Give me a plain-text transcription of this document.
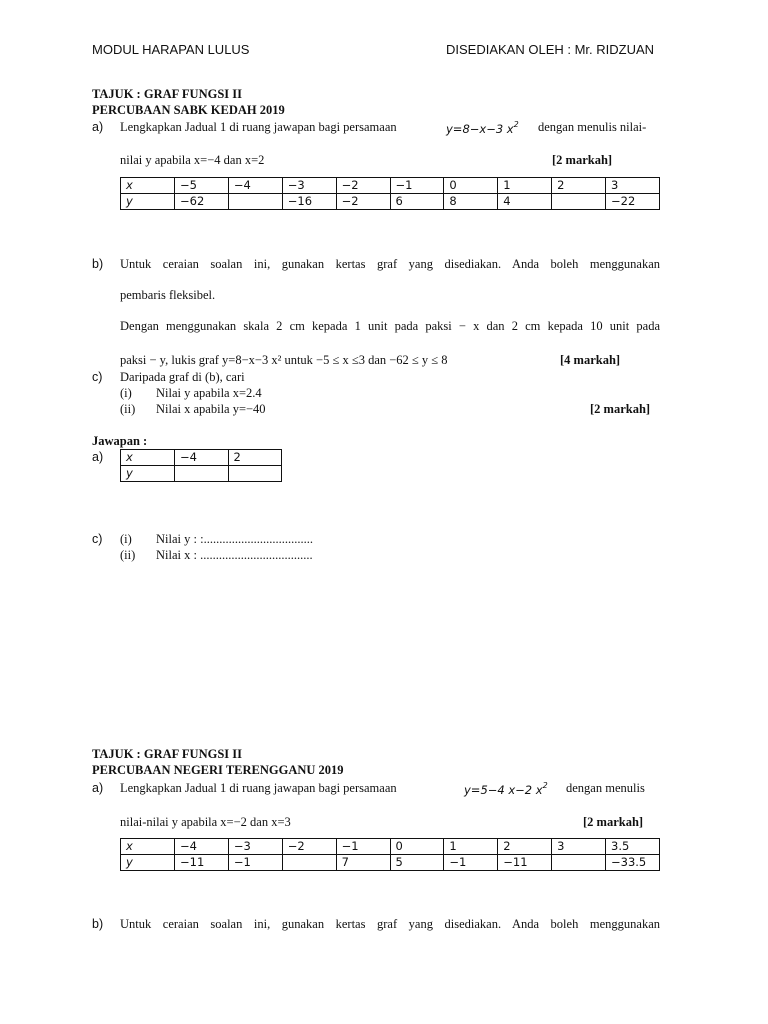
MODUL HARAPAN LULUS	DISEDIAKAN OLEH : Mr. RIDZUAN
TAJUK : GRAF FUNGSI II
PERCUBAAN SABK KEDAH 2019
a) Lengkapkan Jadual 1 di ruang jawapan bagi persamaan	y=8−x−3 $x^2$ dengan menulis nilai-
nilai y apabila x=−4 dan x=2	[2 markah]
x	−5	−4	−3	−2	−1	0	1	2	3
y	−62		−16	−2	6	8	4		−22
b) Untuk ceraian soalan ini, gunakan kertas graf yang disediakan. Anda boleh menggunakan
pembaris fleksibel.
Dengan menggunakan skala 2 cm kepada 1 unit pada paksi − x dan 2 cm kepada 10 unit pada
paksi − y, lukis graf y=8−x−3 x² untuk −5 ≤ x ≤3 dan −62 ≤ y ≤ 8	[4 markah]
c) Daripada graf di (b), cari
(i) Nilai y apabila x=2.4
(ii) Nilai x apabila y=−40	[2 markah]
Jawapan :
a) x	−4	2
y		
c) (i) Nilai y : :...................................
(ii) Nilai x : ....................................
TAJUK : GRAF FUNGSI II
PERCUBAAN NEGERI TERENGGANU 2019
a) Lengkapkan Jadual 1 di ruang jawapan bagi persamaan	y=5−4 x−2 $x^2$ dengan menulis
nilai-nilai y apabila x=−2 dan x=3	[2 markah]
x	−4	−3	−2	−1	0	1	2	3	3.5
y	−11	−1		7	5	−1	−11		−33.5
b) Untuk ceraian soalan ini, gunakan kertas graf yang disediakan. Anda boleh menggunakan
